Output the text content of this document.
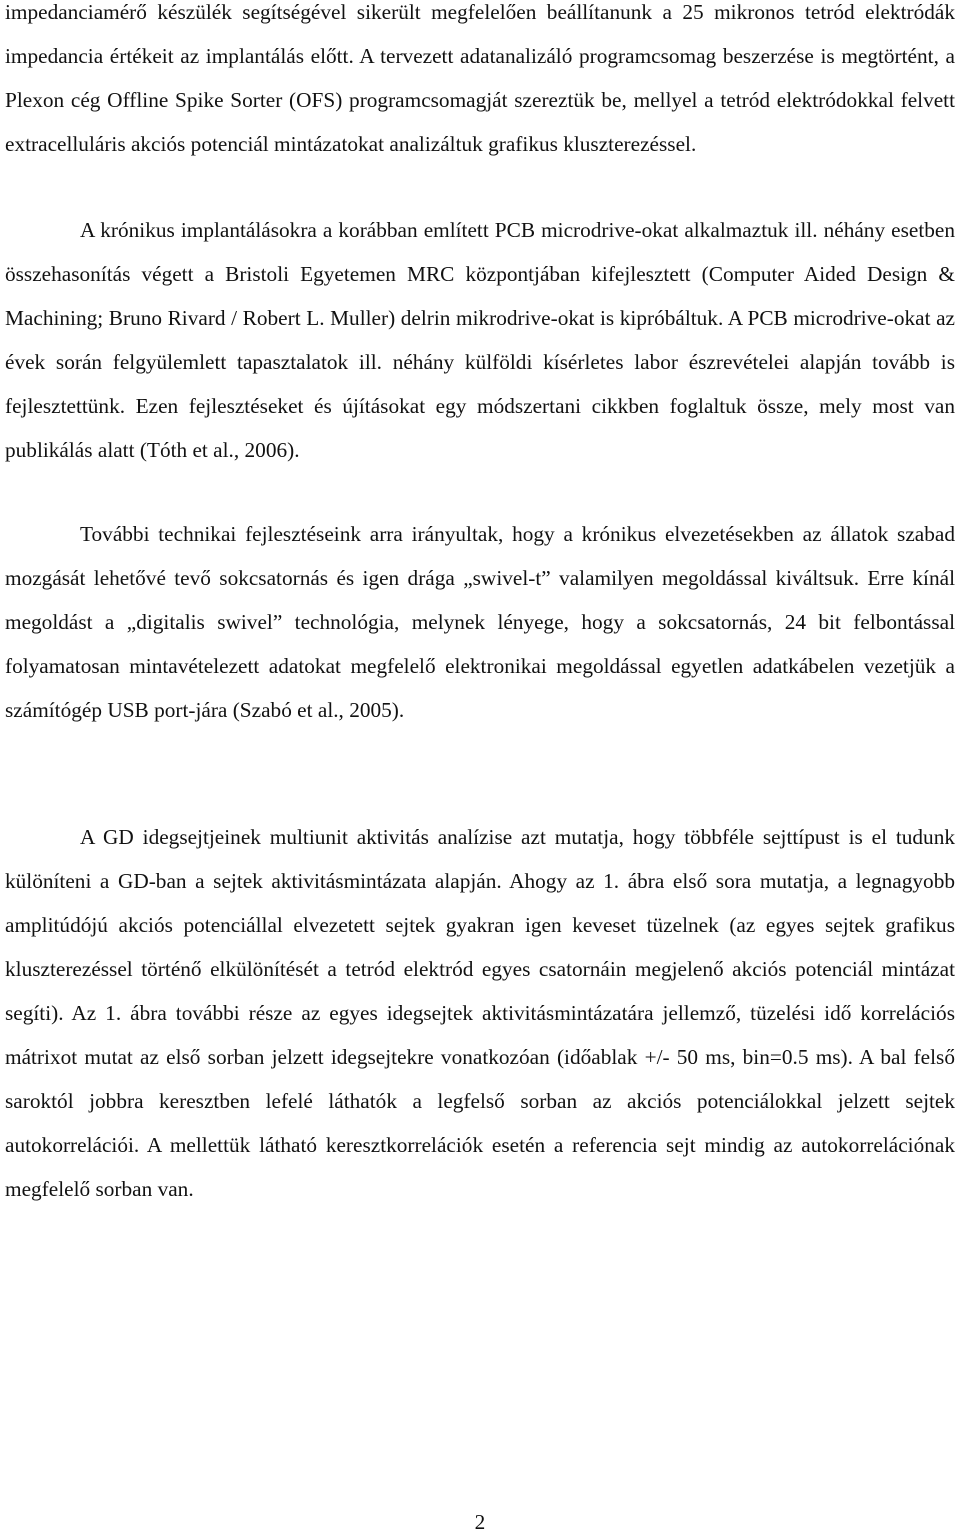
impedanciamérő készülék segítségével sikerült megfelelően beállítanunk a 25 mikronos tetród elektródák impedancia értékeit az implantálás előtt. A tervezett adatanalizáló programcsomag beszerzése is megtörtént, a Plexon cég Offline Spike Sorter (OFS) programcsomagját szereztük be, mellyel a tetród elektródokkal felvett extracelluláris akciós potenciál mintázatokat analizáltuk grafikus kluszterezéssel.

A krónikus implantálásokra a korábban említett PCB microdrive-okat alkalmaztuk ill. néhány esetben összehasonítás végett a Bristoli Egyetemen MRC központjában kifejlesztett (Computer Aided Design & Machining; Bruno Rivard / Robert L. Muller) delrin mikrodrive-okat is kipróbáltuk. A PCB microdrive-okat az évek során felgyülemlett tapasztalatok ill. néhány külföldi kísérletes labor észrevételei alapján tovább is fejlesztettünk. Ezen fejlesztéseket és újításokat egy módszertani cikkben foglaltuk össze, mely most van publikálás alatt (Tóth et al., 2006).

További technikai fejlesztéseink arra irányultak, hogy a krónikus elvezetésekben az állatok szabad mozgását lehetővé tevő sokcsatornás és igen drága „swivel-t” valamilyen megoldással kiváltsuk. Erre kínál megoldást a „digitalis swivel” technológia, melynek lényege, hogy a sokcsatornás, 24 bit felbontással folyamatosan mintavételezett adatokat megfelelő elektronikai megoldással egyetlen adatkábelen vezetjük a számítógép USB port-jára (Szabó et al., 2005).

A GD idegsejtjeinek multiunit aktivitás analízise azt mutatja, hogy többféle sejttípust is el tudunk különíteni a GD-ban a sejtek aktivitásmintázata alapján. Ahogy az 1. ábra első sora mutatja, a legnagyobb amplitúdójú akciós potenciállal elvezetett sejtek gyakran igen keveset tüzelnek (az egyes sejtek grafikus kluszterezéssel történő elkülönítését a tetród elektród egyes csatornáin megjelenő akciós potenciál mintázat segíti). Az 1. ábra további része az egyes idegsejtek aktivitásmintázatára jellemző, tüzelési idő korrelációs mátrixot mutat az első sorban jelzett idegsejtekre vonatkozóan (időablak +/- 50 ms, bin=0.5 ms). A bal felső saroktól jobbra keresztben lefelé láthatók a legfelső sorban az akciós potenciálokkal jelzett sejtek autokorrelációi. A mellettük látható keresztkorrelációk esetén a referencia sejt mindig az autokorrelációnak megfelelő sorban van.

2
